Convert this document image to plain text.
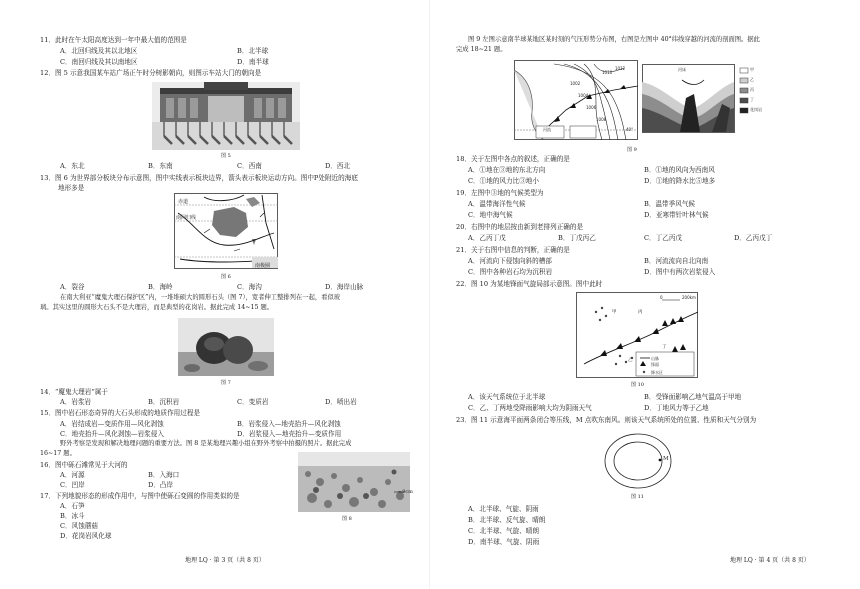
11．此时在午太阳高度达到一年中最大值的范围是
A．北回归线及其以北地区	B．北半球
C．南回归线及其以南地区	D．南半球
12．图 5 示意我国某车站广场正午时分树影朝向，则图示车站大门的朝向是
图 5
A．东北	B．东南	C．西南	D．西北
13．图 6 为世界部分板块分布示意图，图中实线表示板块边界，箭头表示板块运动方向。图中P处附近的海底
地形多是
赤道
南回归线
南极圈
图 6
A．裂谷	B．海岭	C．海沟	D．海岸山脉
在南大利亚“魔鬼大理石保护区”内，一堆堆硕大的圆形石头（图 7），宽者伸工整排列在一起，看似玻
璃。其实这里的圆形大石头不是大理岩，而是典型的花岗岩。据此完成 14~15 题。
图 7
14．“魔鬼大理岩”属于
A．岩浆岩	B．沉积岩	C．变质岩	D．喷出岩
15．图中岩石形态奇异的大石头形成的地质作用过程是
A．岩结成岩—变质作用—风化剥蚀	B．岩浆侵入—地壳抬升—风化剥蚀
C．地壳抬升—风化剥蚀—岩浆侵入	D．岩浆侵入—地壳抬升—变质作用
野外考察是发现和解决地理问题的重要方法。图 8 是某地理兴趣小组在野外考察中拍摄的照片。据此完成
16~17 题。
16．图中砾石滩常见于大河的
A．河源	B．入海口
C．凹岸	D．凸岸
~9cm
图 8
17．下列地貌形态的形成作用中，与图中使砾石变圆的作用类似的是
A．石笋
B．冰斗
C．风蚀蘑菇
D．花岗岩风化球
地理 LQ · 第 3 页（共 8 页）
图 9 左图示意南半球某地区某时刻的气压形势分布图，右图是左图中 40°纬线穿越的河流的剖面图。据此
完成 18~21 题。
1002
1004
1006
1008
1010
1012
40°
河流
河床	甲
乙
丙
丁
花岗岩
图 9
18．关于左图中各点的叙述，正确的是
A．①地在③地的东北方向	B．①地的风向为西南风
C．①地的风力比③地小	D．①地的降水比⑤地多
19．左图中③地的气候类型为
A．温带海洋性气候	B．温带季风气候
C．地中海气候	D．亚寒带针叶林气候
20．右图中的地层按由新到老排列正确的是
A．乙丙丁戊	B．丁戊丙乙	C．丁乙丙戊	D．乙丙戊丁
21．关于右图中信息的判断，正确的是
A．河流向下侵蚀向斜的槽部	B．河流流向自北向南
C．图中各种岩石均为沉积岩	D．图中有两次岩浆侵入
22．图 10 为某地锋面气旋局部示意图。图中此时
0	200km
甲
乙
丙
丁
山脉
锋面
降水区
图 10
A．该天气系统位于北半球	B．受锋面影响乙地气温高于甲地
C．乙、丁两地受降雨影响大均为阴雨天气	D．丁地风力等于乙地
23．图 11 示意海平面两条闭合等压线，M 点吹东南风。则该天气系统所处的位置、性质和天气分别为
M
图 11
A．北半球、气旋、阴雨
B．北半球、反气旋、晴朗
C．北半球、气旋、晴朗
D．南半球、气旋、阴雨
地理 LQ · 第 4 页（共 8 页）
